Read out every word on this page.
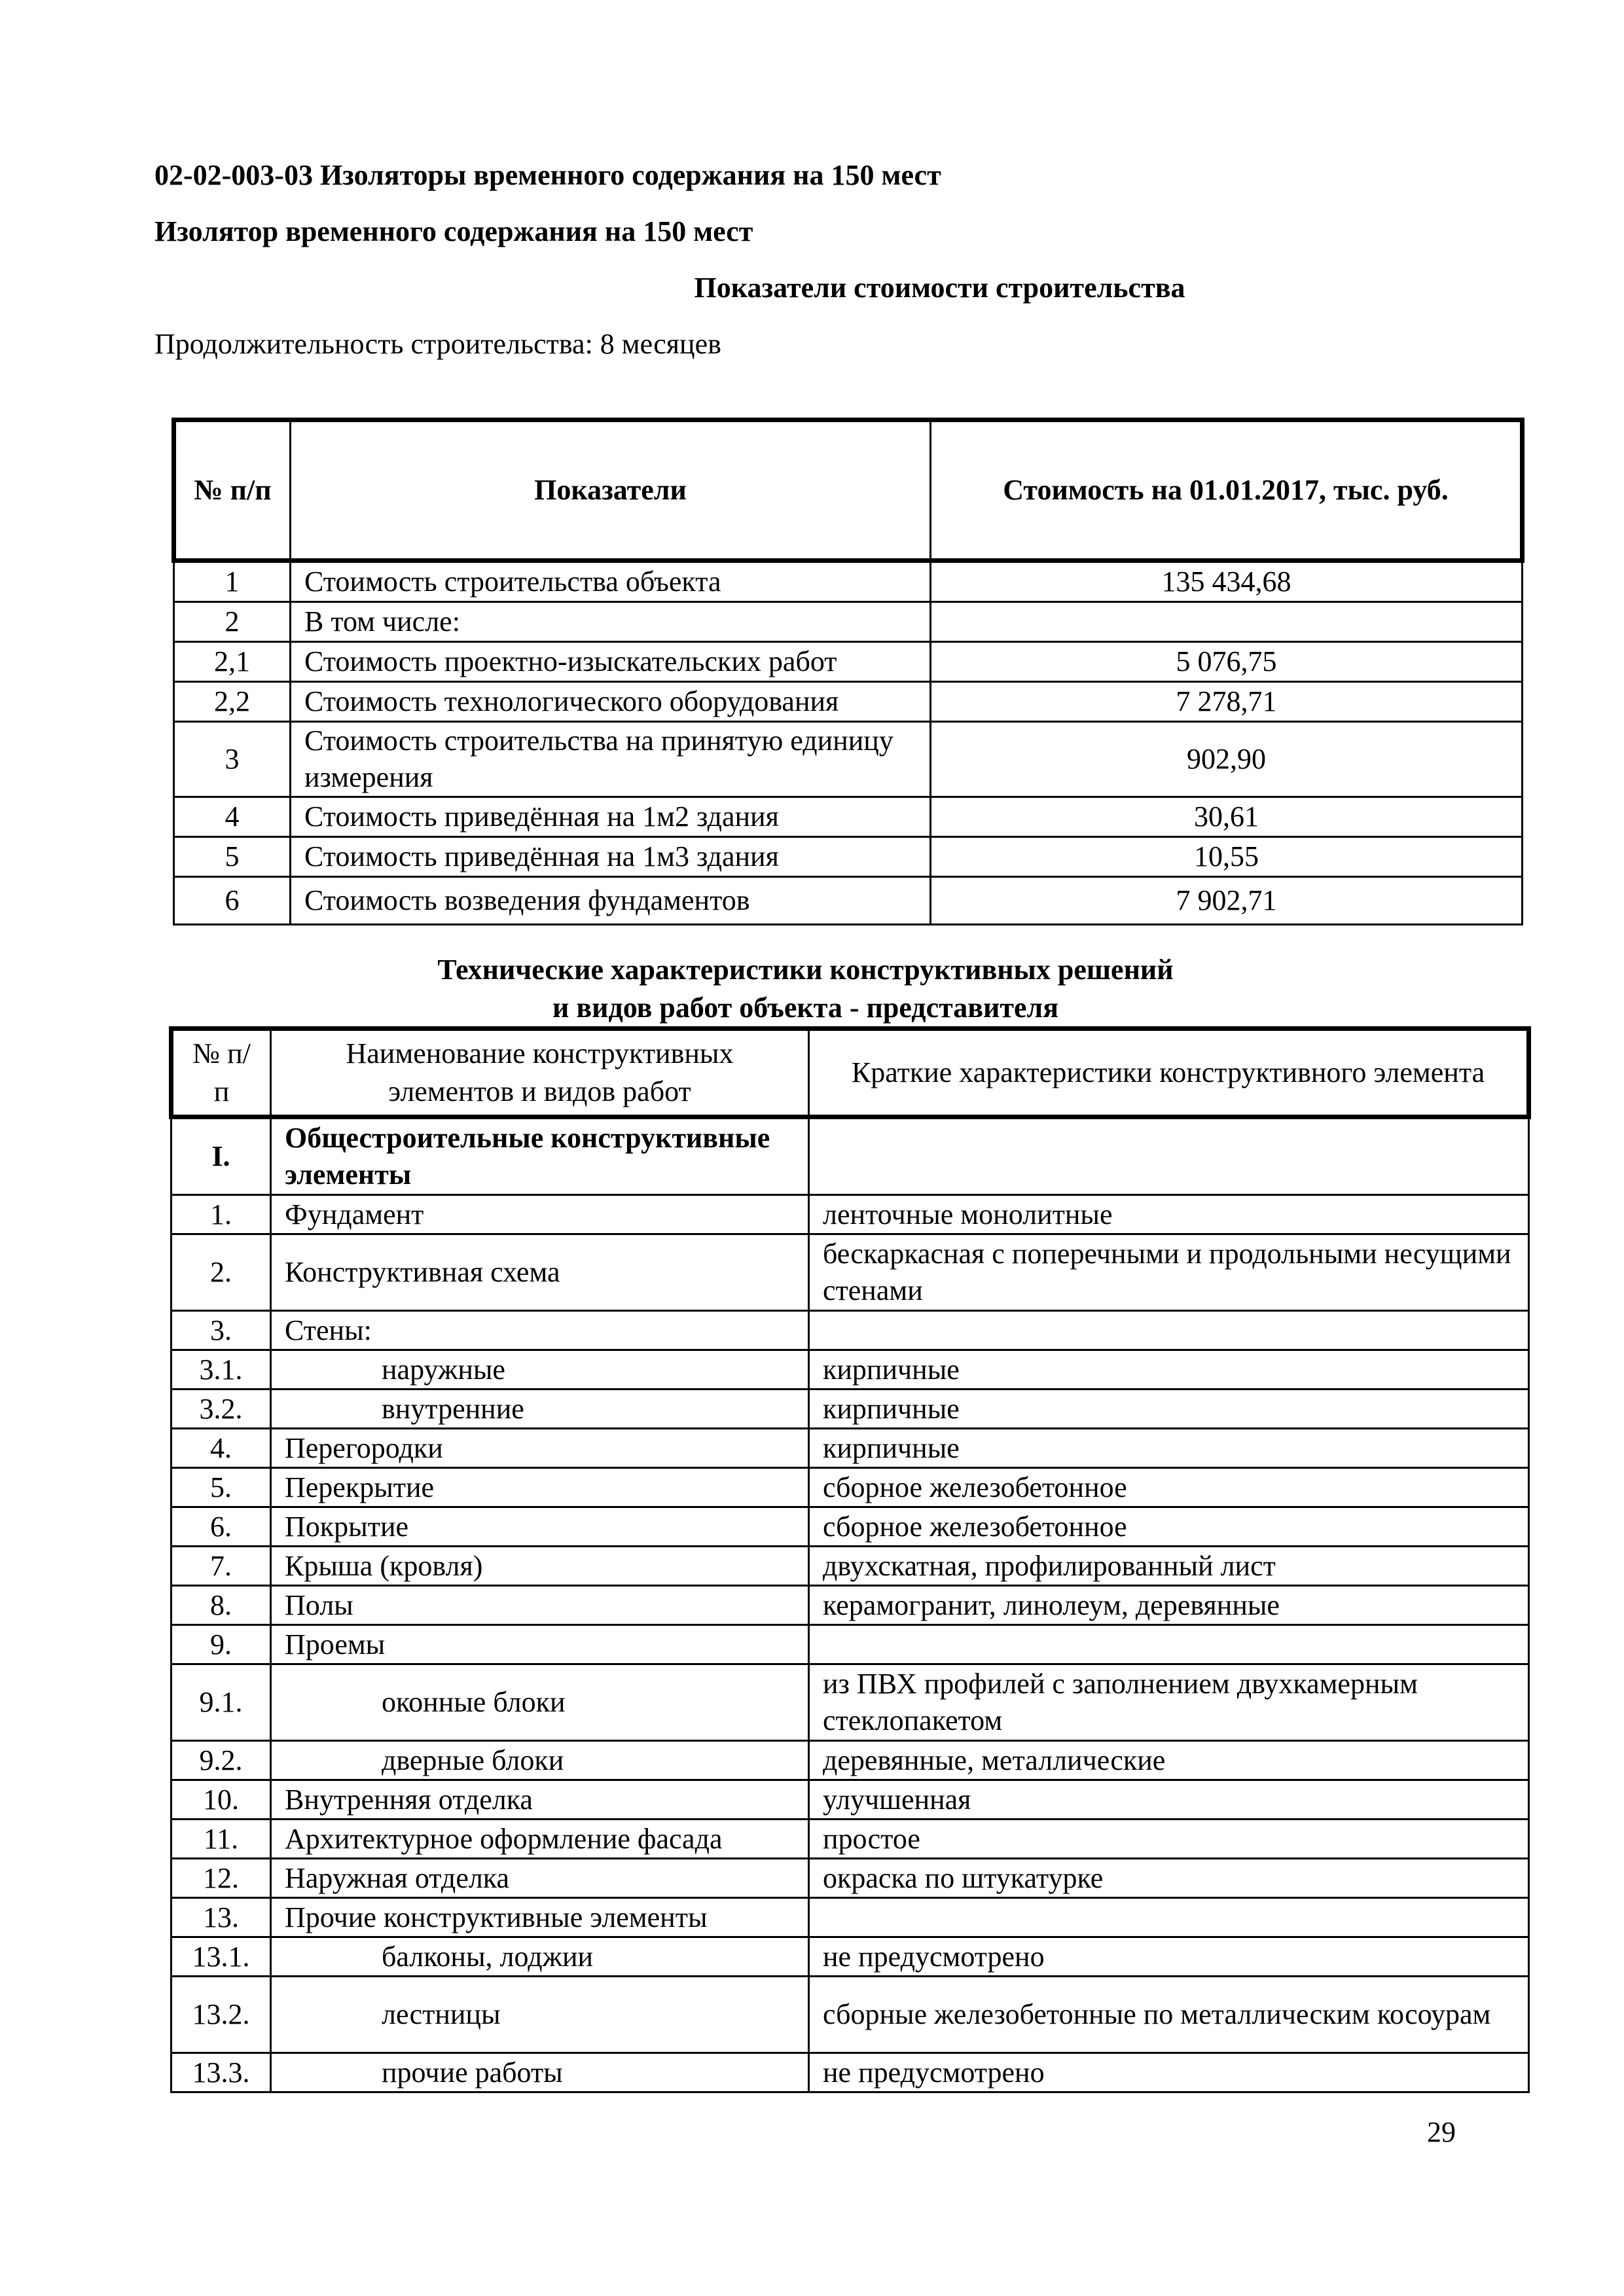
02-02-003-03 Изоляторы временного содержания на 150 мест
Изолятор временного содержания на 150 мест
Показатели стоимости строительства
Продолжительность строительства: 8 месяцев
№ п/п	Показатели	Стоимость на 01.01.2017, тыс. руб.
1	Стоимость строительства объекта	135 434,68
2	В том числе:	
2,1	Стоимость проектно-изыскательских работ	5 076,75
2,2	Стоимость технологического оборудования	7 278,71
3	Стоимость строительства на принятую единицу измерения	902,90
4	Стоимость приведённая на 1м2 здания	30,61
5	Стоимость приведённая на 1м3 здания	10,55
6	Стоимость возведения фундаментов	7 902,71
Технические характеристики конструктивных решений
и видов работ объекта - представителя
№ п/п	Наименование конструктивных элементов и видов работ	Краткие характеристики конструктивного элемента
I.	Общестроительные конструктивные элементы	
1.	Фундамент	ленточные монолитные
2.	Конструктивная схема	бескаркасная с поперечными и продольными несущими стенами
3.	Стены:	
3.1.	наружные	кирпичные
3.2.	внутренние	кирпичные
4.	Перегородки	кирпичные
5.	Перекрытие	сборное железобетонное
6.	Покрытие	сборное железобетонное
7.	Крыша (кровля)	двухскатная, профилированный лист
8.	Полы	керамогранит, линолеум, деревянные
9.	Проемы	
9.1.	оконные блоки	из ПВХ профилей с заполнением двухкамерным стеклопакетом
9.2.	дверные блоки	деревянные, металлические
10.	Внутренняя отделка	улучшенная
11.	Архитектурное оформление фасада	простое
12.	Наружная отделка	окраска по штукатурке
13.	Прочие конструктивные элементы	
13.1.	балконы, лоджии	не предусмотрено
13.2.	лестницы	сборные железобетонные по металлическим косоурам
13.3.	прочие работы	не предусмотрено
29
